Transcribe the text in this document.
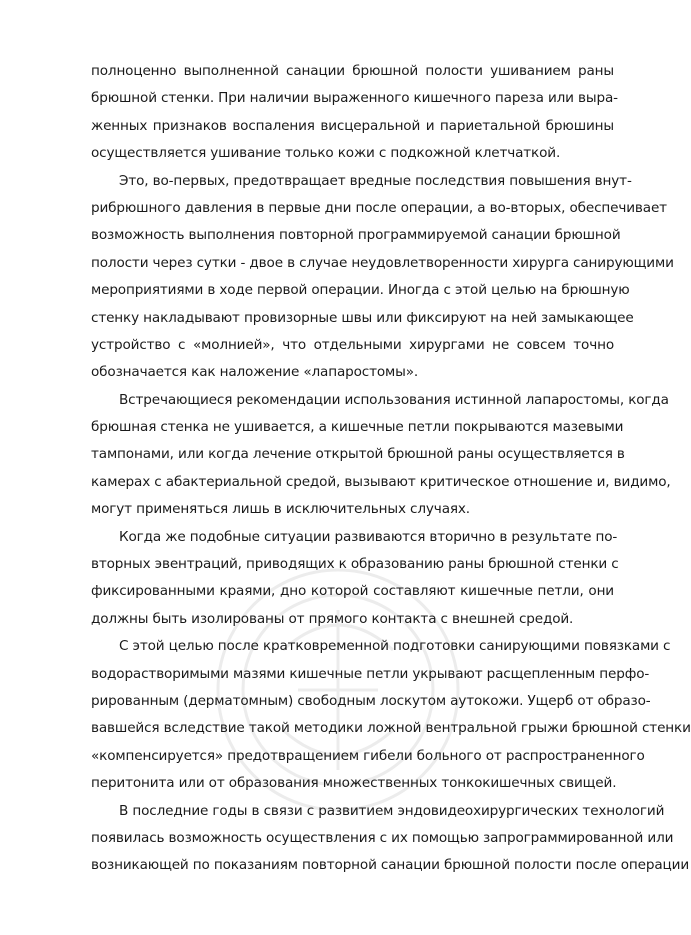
полноценно выполненной санации брюшной полости ушиванием раны
брюшной стенки. При наличии выраженного кишечного пареза или выра-
женных признаков воспаления висцеральной и париетальной брюшины
осуществляется ушивание только кожи с подкожной клетчаткой.
Это, во-первых, предотвращает вредные последствия повышения внут-
рибрюшного давления в первые дни после операции, а во-вторых, обеспечивает
возможность выполнения повторной программируемой санации брюшной
полости через сутки - двое в случае неудовлетворенности хирурга санирующими
мероприятиями в ходе первой операции. Иногда с этой целью на брюшную
стенку накладывают провизорные швы или фиксируют на ней замыкающее
устройство с «молнией», что отдельными хирургами не совсем точно
обозначается как наложение «лапаростомы».
Встречающиеся рекомендации использования истинной лапаростомы, когда
брюшная стенка не ушивается, а кишечные петли покрываются мазевыми
тампонами, или когда лечение открытой брюшной раны осуществляется в
камерах с абактериальной средой, вызывают критическое отношение и, видимо,
могут применяться лишь в исключительных случаях.
Когда же подобные ситуации развиваются вторично в результате по-
вторных эвентраций, приводящих к образованию раны брюшной стенки с
фиксированными краями, дно которой составляют кишечные петли, они
должны быть изолированы от прямого контакта с внешней средой.
С этой целью после кратковременной подготовки санирующими повязками с
водорастворимыми мазями кишечные петли укрывают расщепленным перфо-
рированным (дерматомным) свободным лоскутом аутокожи. Ущерб от образо-
вавшейся вследствие такой методики ложной вентральной грыжи брюшной стенки
«компенсируется» предотвращением гибели больного от распространенного
перитонита или от образования множественных тонкокишечных свищей.
В последние годы в связи с развитием эндовидеохирургических технологий
появилась возможность осуществления с их помощью запрограммированной или
возникающей по показаниям повторной санации брюшной полости после операции
